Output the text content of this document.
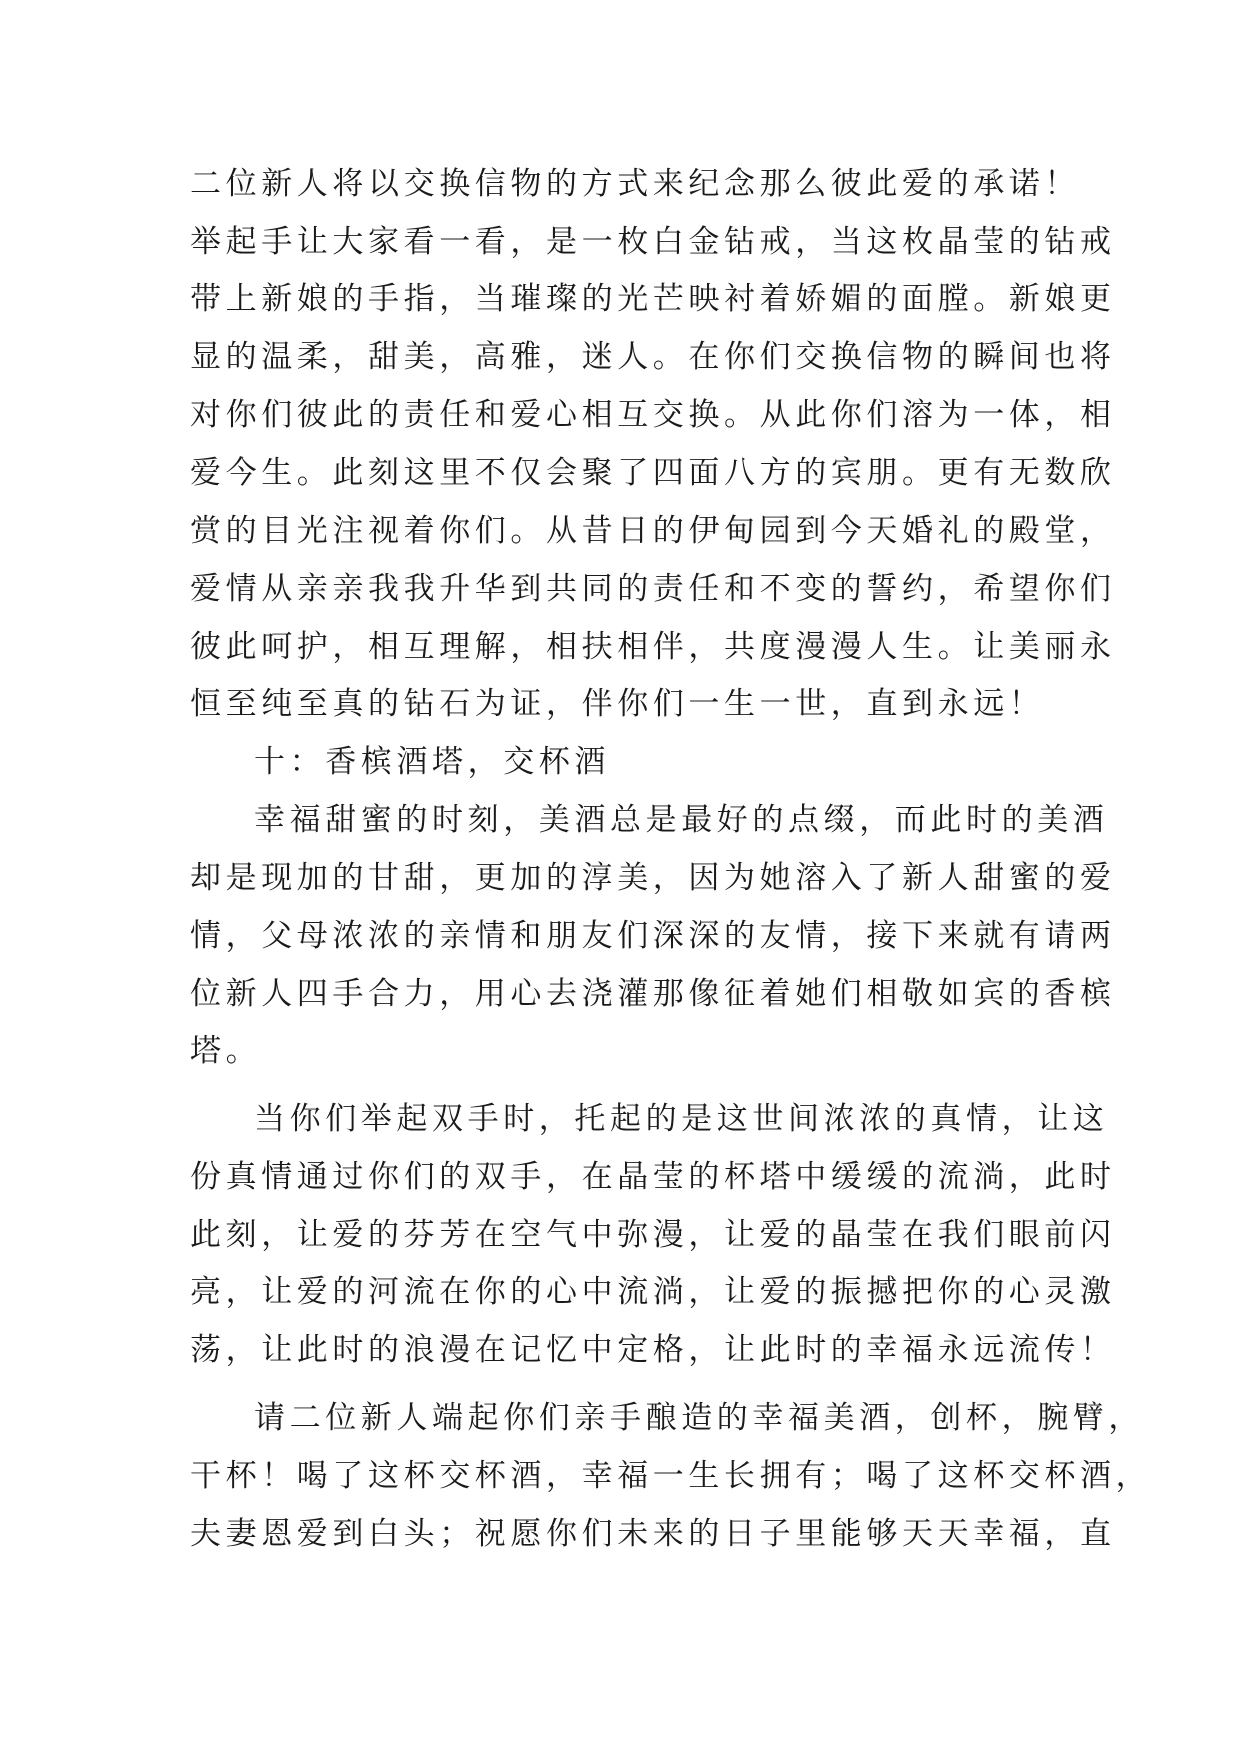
二位新人将以交换信物的方式来纪念那么彼此爱的承诺！
举起手让大家看一看，是一枚白金钻戒，当这枚晶莹的钻戒
带上新娘的手指，当璀璨的光芒映衬着娇媚的面膛。新娘更
显的温柔，甜美，高雅，迷人。在你们交换信物的瞬间也将
对你们彼此的责任和爱心相互交换。从此你们溶为一体，相
爱今生。此刻这里不仅会聚了四面八方的宾朋。更有无数欣
赏的目光注视着你们。从昔日的伊甸园到今天婚礼的殿堂，
爱情从亲亲我我升华到共同的责任和不变的誓约，希望你们
彼此呵护，相互理解，相扶相伴，共度漫漫人生。让美丽永
恒至纯至真的钻石为证，伴你们一生一世，直到永远！
十：香槟酒塔，交杯酒
幸福甜蜜的时刻，美酒总是最好的点缀，而此时的美酒
却是现加的甘甜，更加的淳美，因为她溶入了新人甜蜜的爱
情，父母浓浓的亲情和朋友们深深的友情，接下来就有请两
位新人四手合力，用心去浇灌那像征着她们相敬如宾的香槟
塔。
当你们举起双手时，托起的是这世间浓浓的真情，让这
份真情通过你们的双手，在晶莹的杯塔中缓缓的流淌，此时
此刻，让爱的芬芳在空气中弥漫，让爱的晶莹在我们眼前闪
亮，让爱的河流在你的心中流淌，让爱的振撼把你的心灵激
荡，让此时的浪漫在记忆中定格，让此时的幸福永远流传！
请二位新人端起你们亲手酿造的幸福美酒，创杯，腕臂，
干杯！喝了这杯交杯酒，幸福一生长拥有；喝了这杯交杯酒，
夫妻恩爱到白头；祝愿你们未来的日子里能够天天幸福，直
